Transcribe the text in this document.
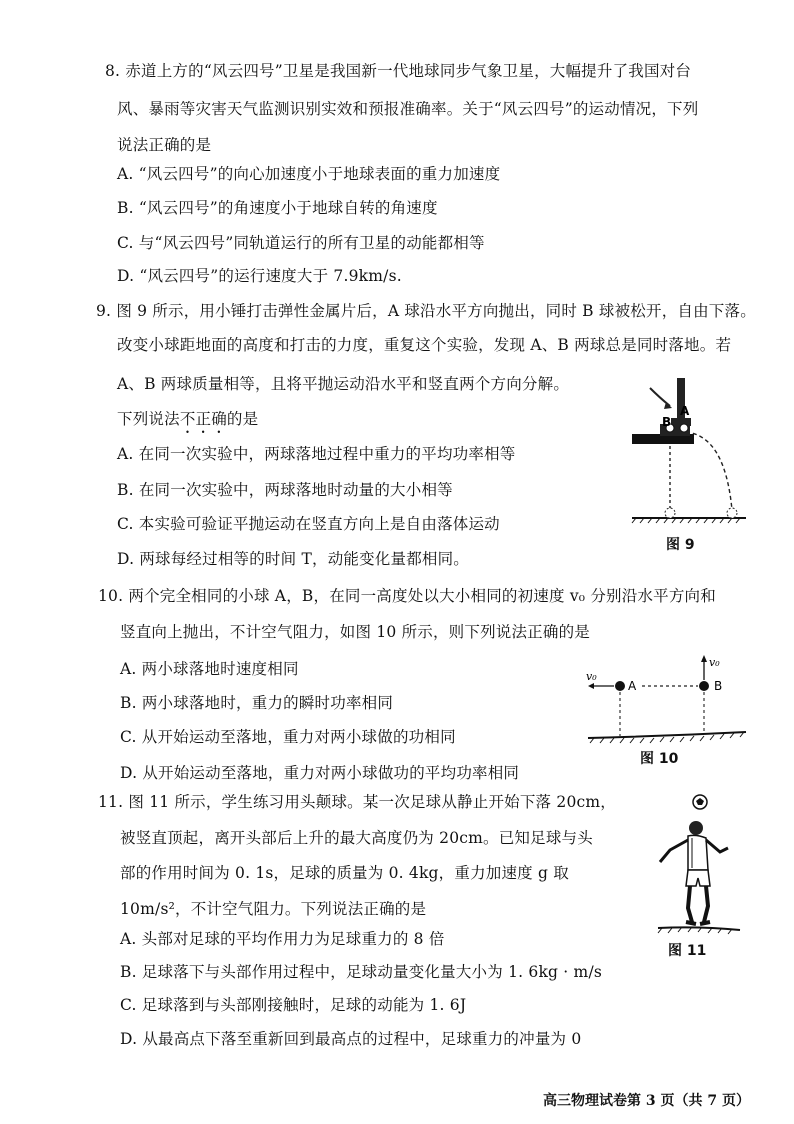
8. 赤道上方的“风云四号”卫星是我国新一代地球同步气象卫星，大幅提升了我国对台
风、暴雨等灾害天气监测识别实效和预报准确率。关于“风云四号”的运动情况，下列
说法正确的是
A. “风云四号”的向心加速度小于地球表面的重力加速度
B. “风云四号”的角速度小于地球自转的角速度
C. 与“风云四号”同轨道运行的所有卫星的动能都相等
D. “风云四号”的运行速度大于 7.9km/s.
9. 图 9 所示，用小锤打击弹性金属片后，A 球沿水平方向抛出，同时 B 球被松开，自由下落。
改变小球距地面的高度和打击的力度，重复这个实验，发现 A、B 两球总是同时落地。若
A、B 两球质量相等，且将平抛运动沿水平和竖直两个方向分解。
下列说法不正确的是
A. 在同一次实验中，两球落地过程中重力的平均功率相等
B. 在同一次实验中，两球落地时动量的大小相等
C. 本实验可验证平抛运动在竖直方向上是自由落体运动
D. 两球每经过相等的时间 T，动能变化量都相同。
B
A
图 9
10. 两个完全相同的小球 A，B，在同一高度处以大小相同的初速度 v₀ 分别沿水平方向和
竖直向上抛出，不计空气阻力，如图 10 所示，则下列说法正确的是
A. 两小球落地时速度相同
B. 两小球落地时，重力的瞬时功率相同
C. 从开始运动至落地，重力对两小球做的功相同
D. 从开始运动至落地，重力对两小球做功的平均功率相同
v₀
A	B
v₀
图 10
11. 图 11 所示，学生练习用头颠球。某一次足球从静止开始下落 20cm，
被竖直顶起，离开头部后上升的最大高度仍为 20cm。已知足球与头
部的作用时间为 0. 1s，足球的质量为 0. 4kg，重力加速度 g 取
10m/s²，不计空气阻力。下列说法正确的是
A. 头部对足球的平均作用力为足球重力的 8 倍
B. 足球落下与头部作用过程中，足球动量变化量大小为 1. 6kg · m/s
C. 足球落到与头部刚接触时，足球的动能为 1. 6J
D. 从最高点下落至重新回到最高点的过程中，足球重力的冲量为 0
图 11
高三物理试卷第 3 页（共 7 页）
